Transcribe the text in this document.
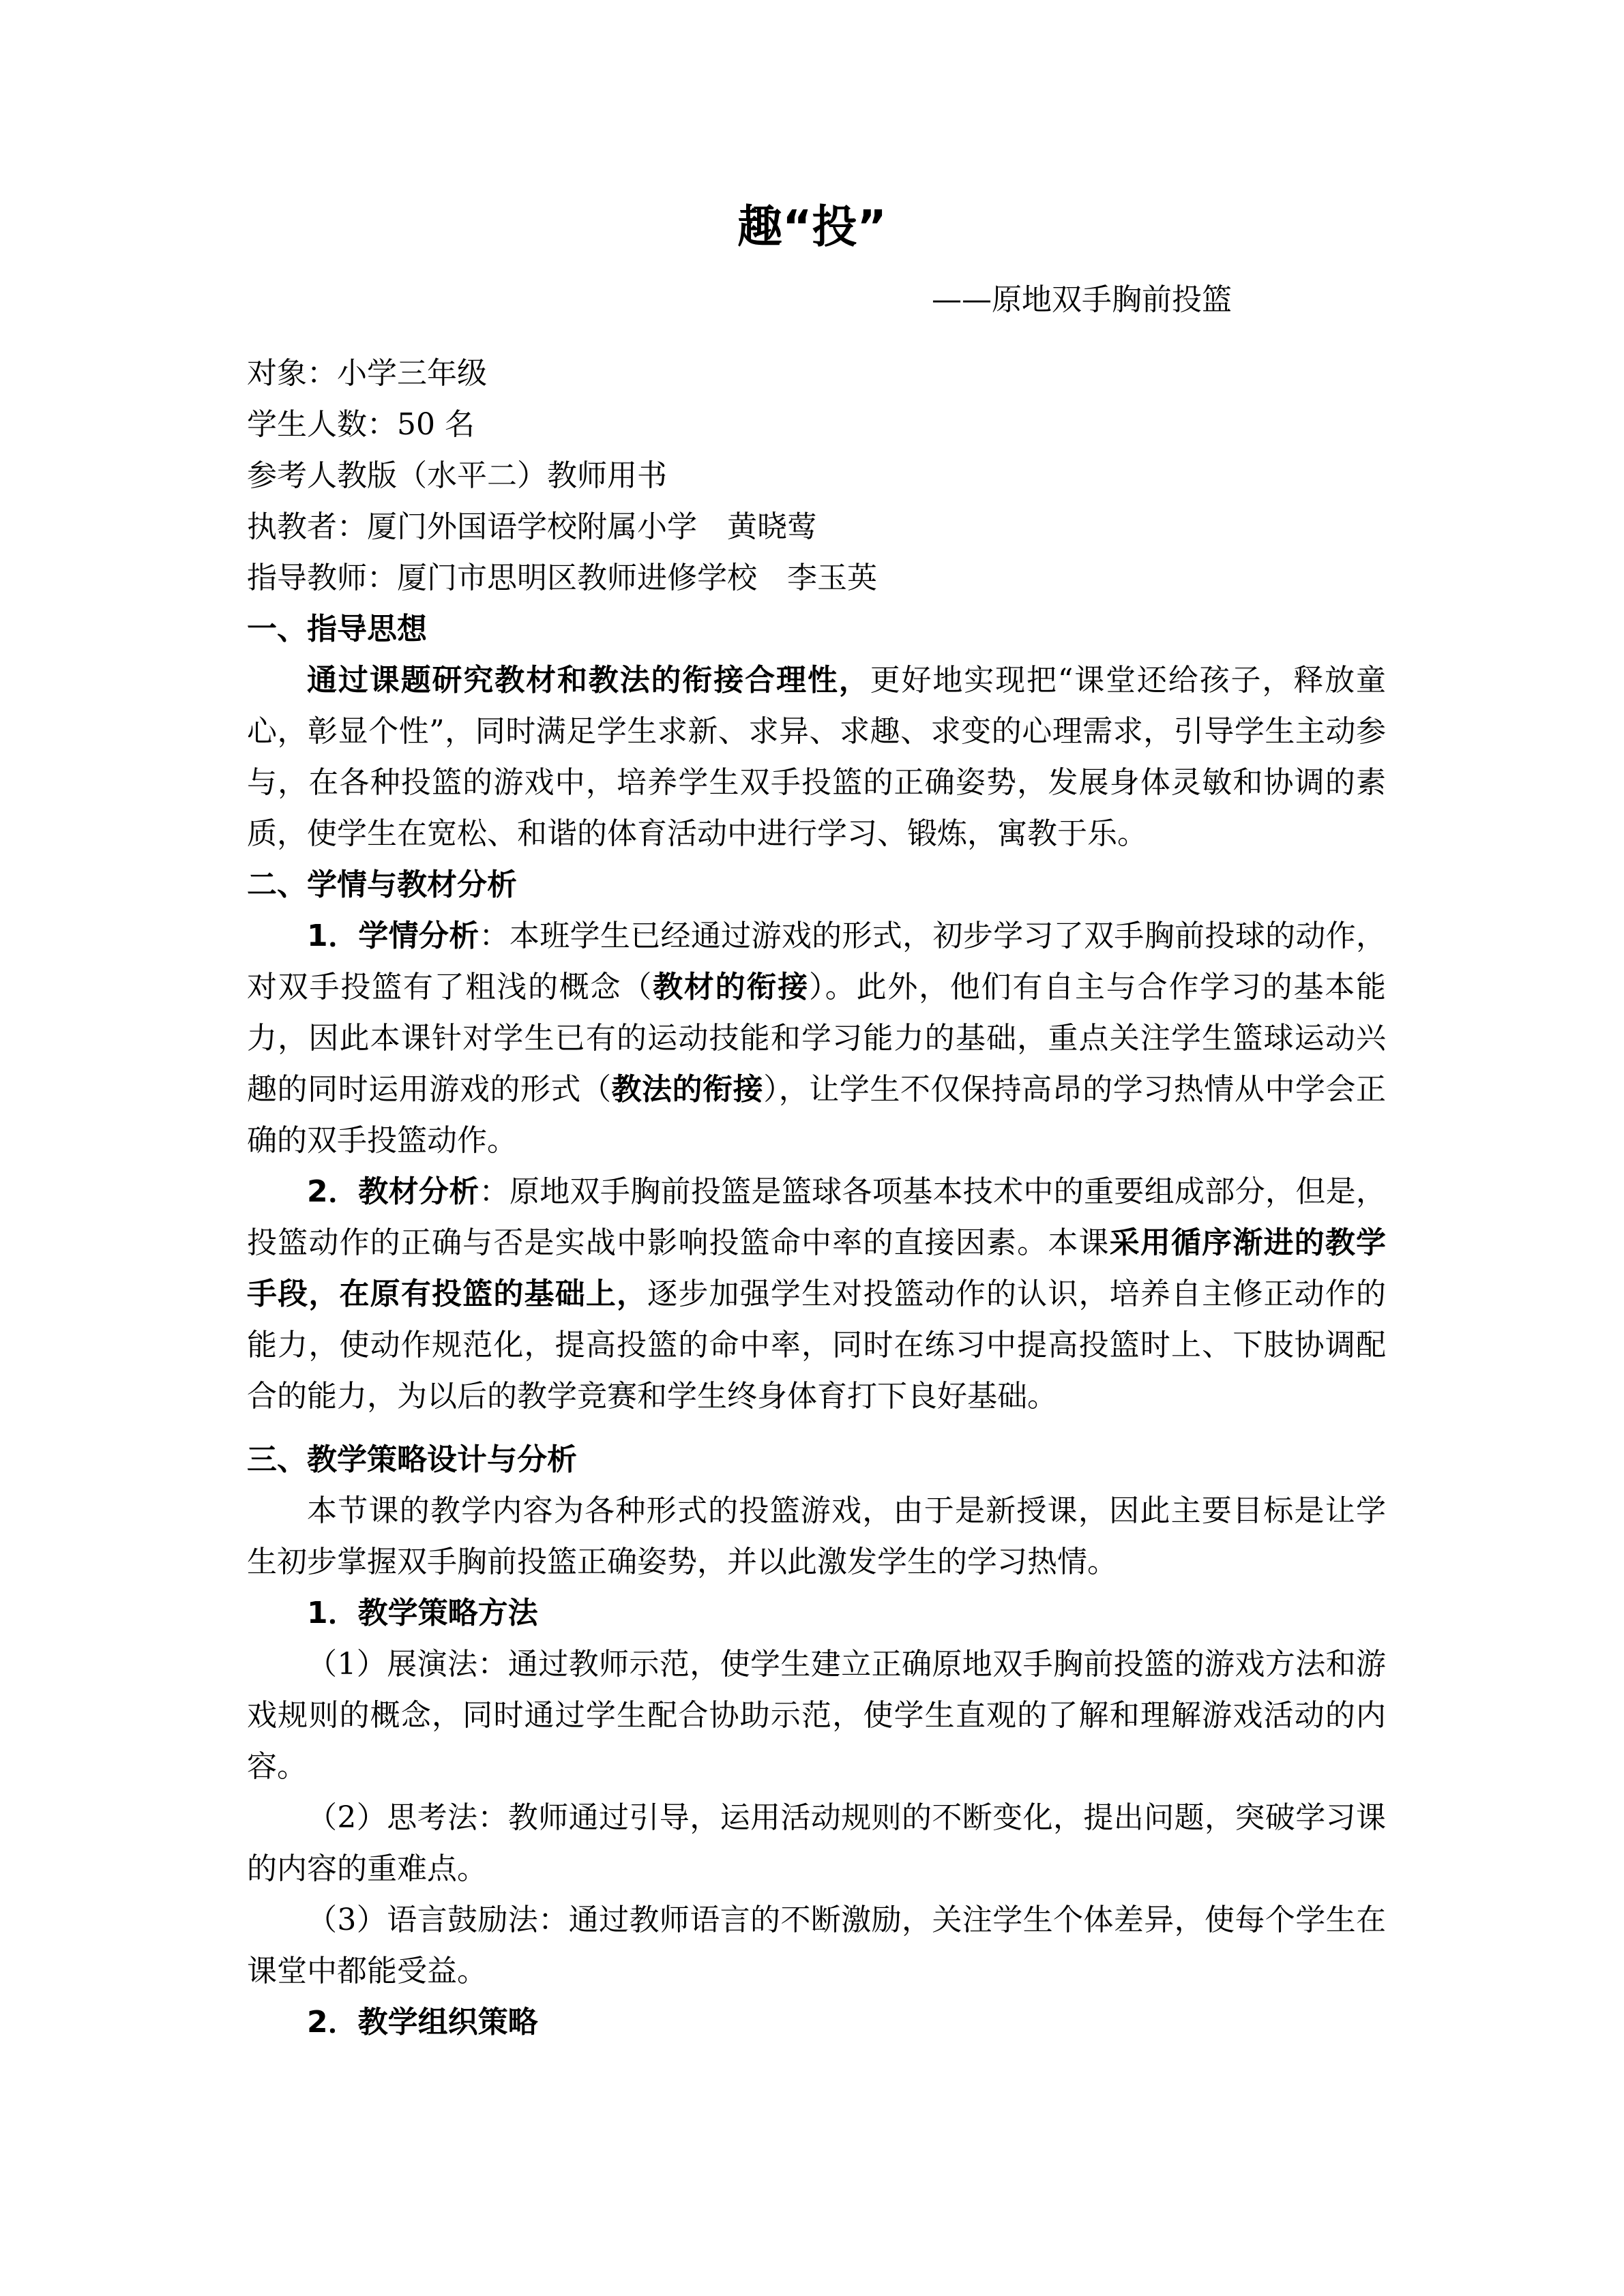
趣“投”
——原地双手胸前投篮
对象：小学三年级
学生人数：50 名
参考人教版（水平二）教师用书
执教者：厦门外国语学校附属小学　黄晓莺
指导教师：厦门市思明区教师进修学校　李玉英
一、指导思想
通过课题研究教材和教法的衔接合理性，更好地实现把“课堂还给孩子，释放童心，彰显个性”，同时满足学生求新、求异、求趣、求变的心理需求，引导学生主动参与，在各种投篮的游戏中，培养学生双手投篮的正确姿势，发展身体灵敏和协调的素质，使学生在宽松、和谐的体育活动中进行学习、锻炼，寓教于乐。
二、学情与教材分析
1．学情分析：本班学生已经通过游戏的形式，初步学习了双手胸前投球的动作，对双手投篮有了粗浅的概念（教材的衔接）。此外，他们有自主与合作学习的基本能力，因此本课针对学生已有的运动技能和学习能力的基础，重点关注学生篮球运动兴趣的同时运用游戏的形式（教法的衔接），让学生不仅保持高昂的学习热情从中学会正确的双手投篮动作。
2．教材分析：原地双手胸前投篮是篮球各项基本技术中的重要组成部分，但是，投篮动作的正确与否是实战中影响投篮命中率的直接因素。本课采用循序渐进的教学手段，在原有投篮的基础上，逐步加强学生对投篮动作的认识，培养自主修正动作的能力，使动作规范化，提高投篮的命中率，同时在练习中提高投篮时上、下肢协调配合的能力，为以后的教学竞赛和学生终身体育打下良好基础。
三、教学策略设计与分析
本节课的教学内容为各种形式的投篮游戏，由于是新授课，因此主要目标是让学生初步掌握双手胸前投篮正确姿势，并以此激发学生的学习热情。
1．教学策略方法
（1）展演法：通过教师示范，使学生建立正确原地双手胸前投篮的游戏方法和游戏规则的概念，同时通过学生配合协助示范，使学生直观的了解和理解游戏活动的内容。
（2）思考法：教师通过引导，运用活动规则的不断变化，提出问题，突破学习课的内容的重难点。
（3）语言鼓励法：通过教师语言的不断激励，关注学生个体差异，使每个学生在课堂中都能受益。
2．教学组织策略
